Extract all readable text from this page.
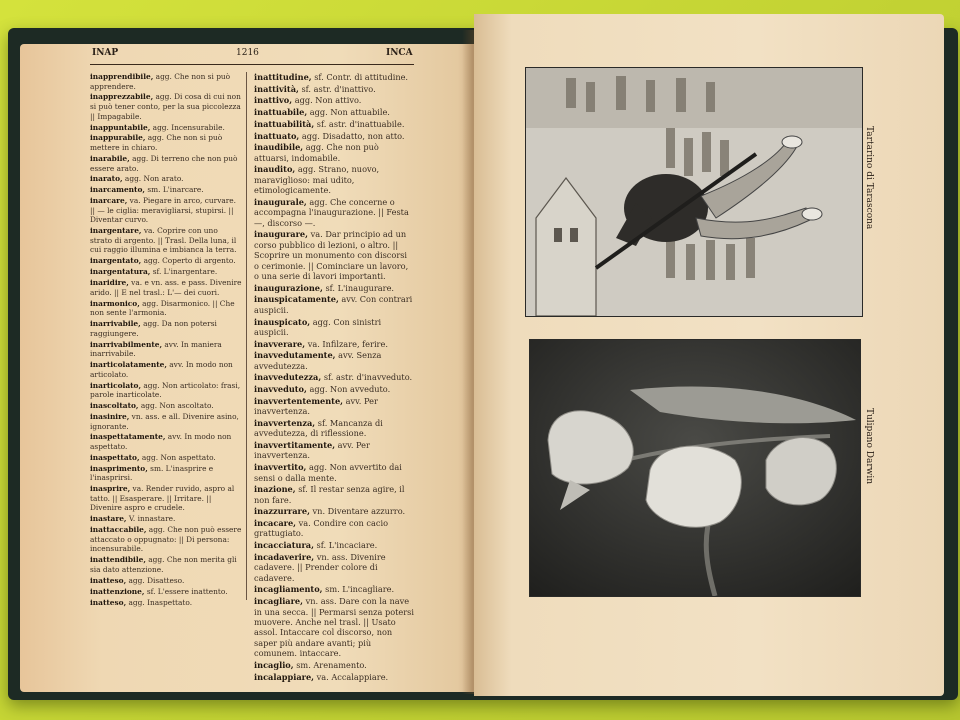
INAP	1216	INCA
inapprendibile, agg. Che non si può apprendere.
inapprezzabile, agg. Di cosa di cui non si può tener conto, per la sua piccolezza || Impagabile.
inappuntabile, agg. Incensurabile.
inappurabile, agg. Che non si può mettere in chiaro.
inarabile, agg. Di terreno che non può essere arato.
inarato, agg. Non arato.
inarcamento, sm. L'inarcare.
inarcare, va. Piegare in arco, curvare. || — le ciglia: meravigliarsi, stupirsi. || Diventar curvo.
inargentare, va. Coprire con uno strato di argento. || Trasl. Della luna, il cui raggio illumina e imbianca la terra.
inargentato, agg. Coperto di argento.
inargentatura, sf. L'inargentare.
inaridire, va. e vn. ass. e pass. Divenire arido. || E nel trasl.: L'— dei cuori.
inarmonico, agg. Disarmonico. || Che non sente l'armonia.
inarrivabile, agg. Da non potersi raggiungere.
inarrivabilmente, avv. In maniera inarrivabile.
inarticolatamente, avv. In modo non articolato.
inarticolato, agg. Non articolato: frasi, parole inarticolate.
inascoltato, agg. Non ascoltato.
inasinire, vn. ass. e all. Divenire asino, ignorante.
inaspettatamente, avv. In modo non aspettato.
inaspettato, agg. Non aspettato.
inasprimento, sm. L'inasprire e l'inasprirsi.
inasprire, va. Render ruvido, aspro al tatto. || Esasperare. || Irritare. || Divenire aspro e crudele.
inastare, V. innastare.
inattaccabile, agg. Che non può essere attaccato o oppugnato: || Di persona: incensurabile.
inattendibile, agg. Che non merita gli sia dato attenzione.
inatteso, agg. Disatteso.
inattenzione, sf. L'essere inattento.
inatteso, agg. Inaspettato.
inattitudine, sf. Contr. di attitudine.
inattività, sf. astr. d'inattivo.
inattivo, agg. Non attivo.
inattuabile, agg. Non attuabile.
inattuabilità, sf. astr. d'inattuabile.
inattuato, agg. Disadatto, non atto.
inaudibile, agg. Che non può attuarsi, indomabile.
inaudito, agg. Strano, nuovo, maraviglioso: mai udito, etimologicamente.
inaugurale, agg. Che concerne o accompagna l'inaugurazione. || Festa —, discorso —.
inaugurare, va. Dar principio ad un corso pubblico di lezioni, o altro. || Scoprire un monumento con discorsi o cerimonie. || Cominciare un lavoro, o una serie di lavori importanti.
inaugurazione, sf. L'inaugurare.
inauspicatamente, avv. Con contrari auspicii.
inauspicato, agg. Con sinistri auspicii.
inavverare, va. Infilzare, ferire.
inavvedutamente, avv. Senza avvedutezza.
inavvedutezza, sf. astr. d'inavveduto.
inavveduto, agg. Non avveduto.
inavvertentemente, avv. Per inavvertenza.
inavvertenza, sf. Mancanza di avvedutezza, di riflessione.
inavvertitamente, avv. Per inavvertenza.
inavvertito, agg. Non avvertito dai sensi o dalla mente.
inazione, sf. Il restar senza agire, il non fare.
inazzurrare, vn. Diventare azzurro.
incacare, va. Condire con cacio grattugiato.
incacciatura, sf. L'incaciare.
incadaverire, vn. ass. Divenire cadavere. || Prender colore di cadavere.
incagliamento, sm. L'incagliare.
incagliare, vn. ass. Dare con la nave in una secca. || Permarsi senza potersi muovere. Anche nel trasl. || Usato assol. Intaccare col discorso, non saper più andare avanti; più comunem. intaccare.
incaglio, sm. Arenamento.
incalappiare, va. Accalappiare.
Tartarino di Tarascona
Tulipano Darwin
